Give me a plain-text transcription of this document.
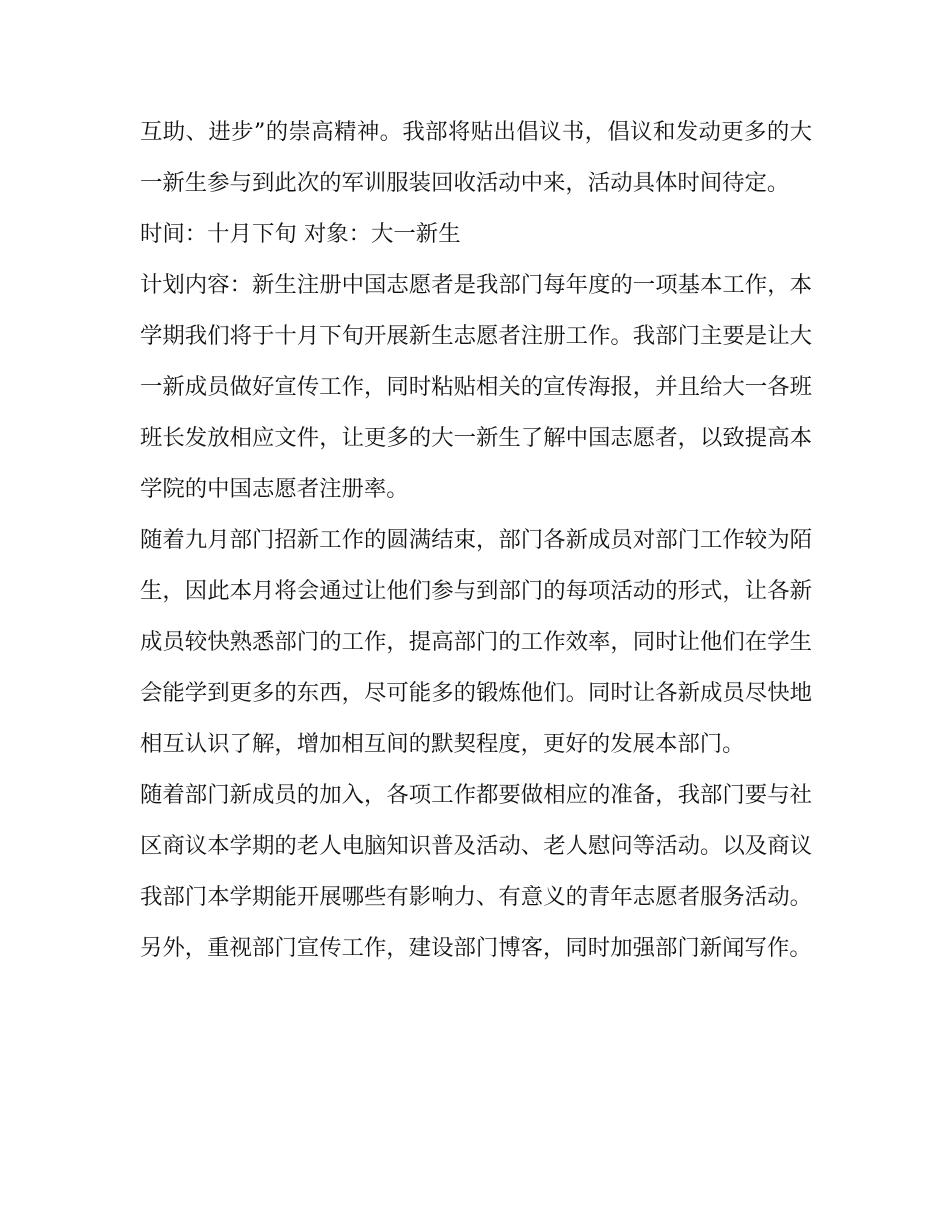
互助、进步”的崇高精神。我部将贴出倡议书，倡议和发动更多的大一新生参与到此次的军训服装回收活动中来，活动具体时间待定。

时间：十月下旬 对象：大一新生

计划内容：新生注册中国志愿者是我部门每年度的一项基本工作，本学期我们将于十月下旬开展新生志愿者注册工作。我部门主要是让大一新成员做好宣传工作，同时粘贴相关的宣传海报，并且给大一各班班长发放相应文件，让更多的大一新生了解中国志愿者，以致提高本学院的中国志愿者注册率。

随着九月部门招新工作的圆满结束，部门各新成员对部门工作较为陌生，因此本月将会通过让他们参与到部门的每项活动的形式，让各新成员较快熟悉部门的工作，提高部门的工作效率，同时让他们在学生会能学到更多的东西，尽可能多的锻炼他们。同时让各新成员尽快地相互认识了解，增加相互间的默契程度，更好的发展本部门。

随着部门新成员的加入，各项工作都要做相应的准备，我部门要与社区商议本学期的老人电脑知识普及活动、老人慰问等活动。以及商议我部门本学期能开展哪些有影响力、有意义的青年志愿者服务活动。另外，重视部门宣传工作，建设部门博客，同时加强部门新闻写作。
